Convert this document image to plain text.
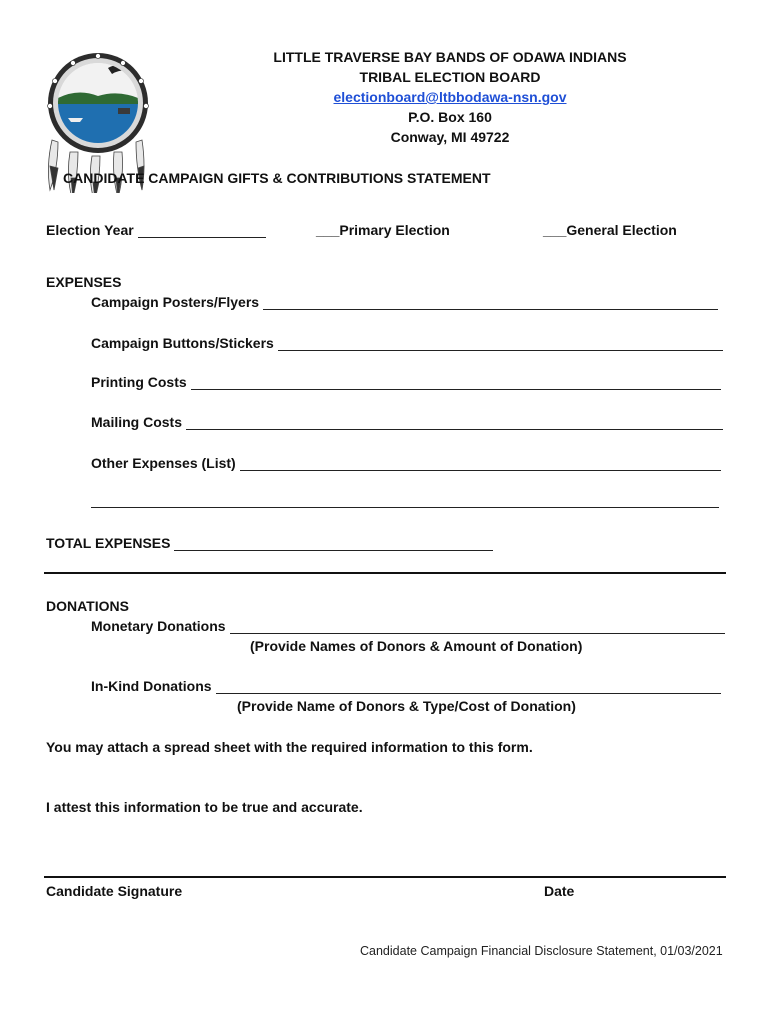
LITTLE TRAVERSE BAY BANDS OF ODAWA INDIANS
TRIBAL ELECTION BOARD
electionboard@ltbbodawa-nsn.gov
P.O. Box 160
Conway, MI 49722
CANDIDATE CAMPAIGN GIFTS & CONTRIBUTIONS STATEMENT
Election Year	___Primary Election	___General Election
EXPENSES
Campaign Posters/Flyers
Campaign Buttons/Stickers
Printing Costs
Mailing Costs
Other Expenses (List)
TOTAL EXPENSES
DONATIONS
Monetary Donations
(Provide Names of Donors & Amount of Donation)
In-Kind Donations
(Provide Name of Donors & Type/Cost of Donation)
You may attach a spread sheet with the required information to this form.
I attest this information to be true and accurate.
Candidate Signature	Date
Candidate Campaign Financial Disclosure Statement, 01/03/2021
